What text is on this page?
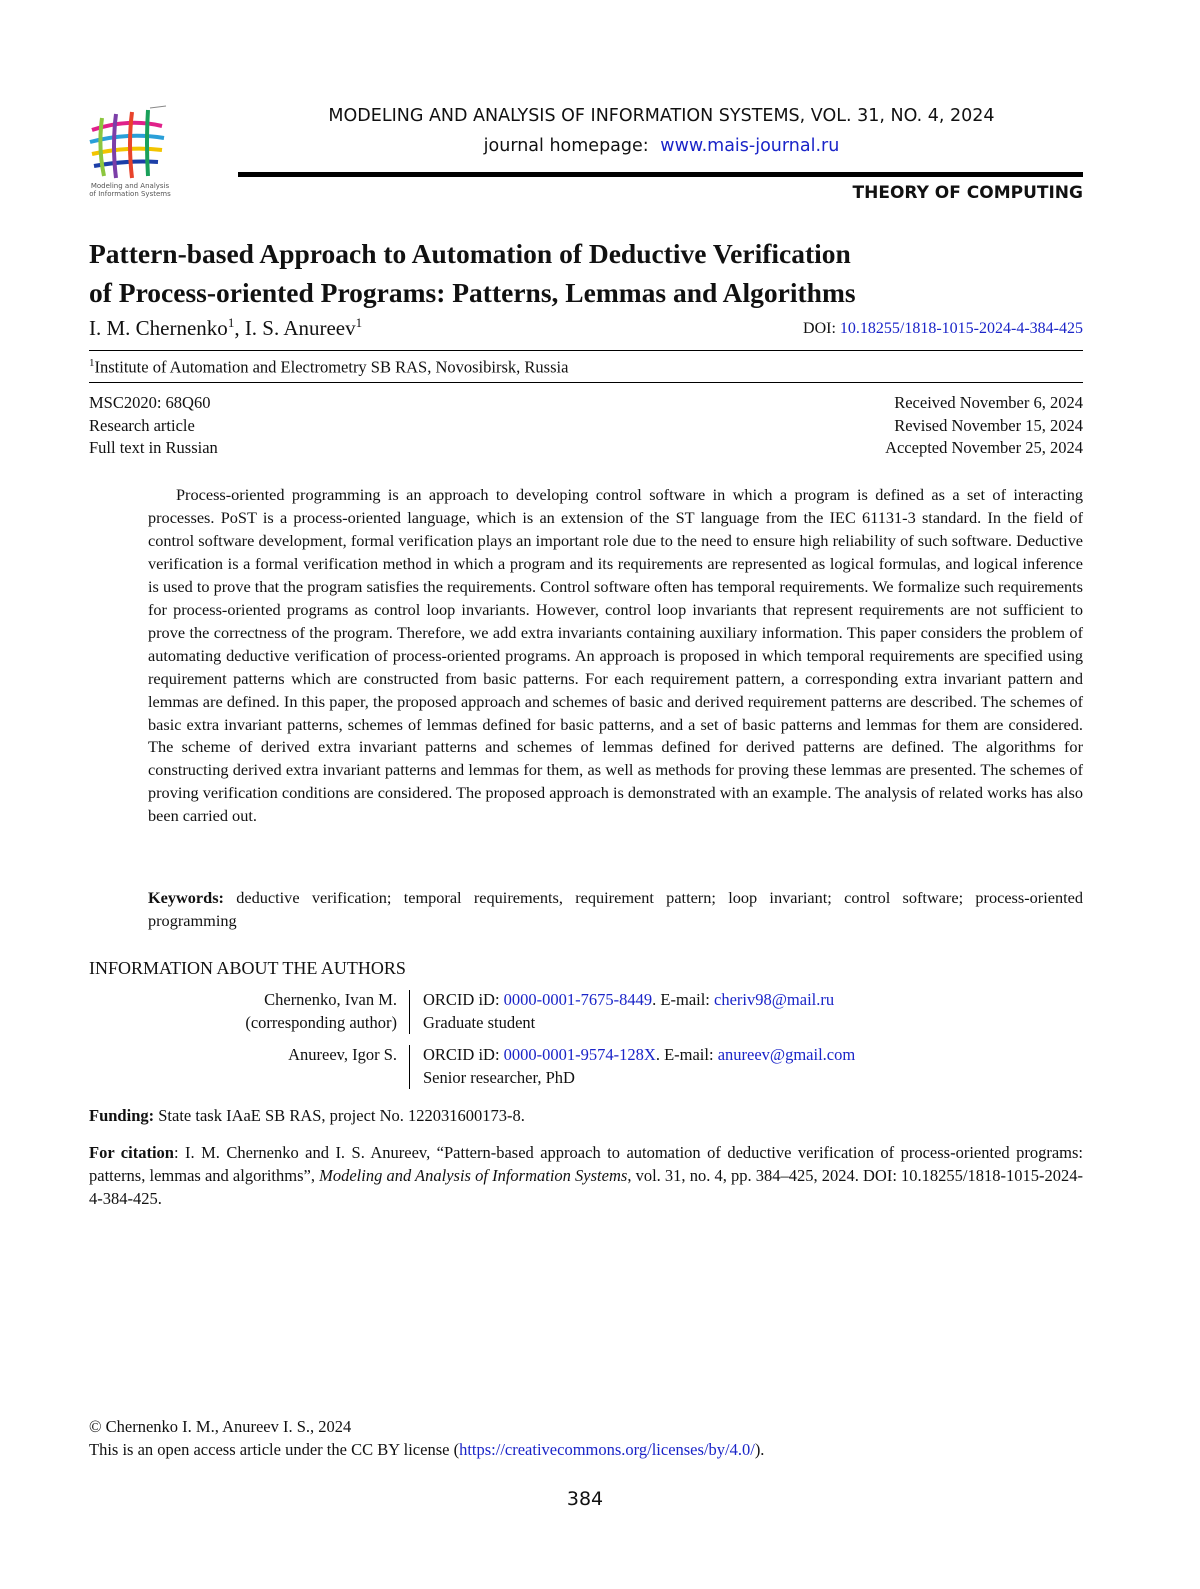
Modeling and Analysis of Information Systems
MODELING AND ANALYSIS OF INFORMATION SYSTEMS, VOL. 31, NO. 4, 2024
journal homepage: www.mais-journal.ru
THEORY OF COMPUTING
Pattern-based Approach to Automation of Deductive Verification
of Process-oriented Programs: Patterns, Lemmas and Algorithms
I. M. Chernenko$^1$, I. S. Anureev$^1$	DOI: 10.18255/1818-1015-2024-4-384-425
$^1$Institute of Automation and Electrometry SB RAS, Novosibirsk, Russia
MSC2020: 68Q60
Research article
Full text in Russian
Received November 6, 2024
Revised November 15, 2024
Accepted November 25, 2024

Process-oriented programming is an approach to developing control software in which a program is defined as a set of interacting processes. PoST is a process-oriented language, which is an extension of the ST language from the IEC 61131-3 standard. In the field of control software development, formal verification plays an important role due to the need to ensure high reliability of such software. Deductive verification is a formal verification method in which a program and its requirements are represented as logical formulas, and logical inference is used to prove that the program satisfies the requirements. Control software often has temporal requirements. We formalize such requirements for process-oriented programs as control loop invariants. However, control loop invariants that represent requirements are not sufficient to prove the correctness of the program. Therefore, we add extra invariants containing auxiliary information. This paper considers the problem of automating deductive verification of process-oriented programs. An approach is proposed in which temporal requirements are specified using requirement patterns which are constructed from basic patterns. For each requirement pattern, a corresponding extra invariant pattern and lemmas are defined. In this paper, the proposed approach and schemes of basic and derived requirement patterns are described. The schemes of basic extra invariant patterns, schemes of lemmas defined for basic patterns, and a set of basic patterns and lemmas for them are considered. The scheme of derived extra invariant patterns and schemes of lemmas defined for derived patterns are defined. The algorithms for constructing derived extra invariant patterns and lemmas for them, as well as methods for proving these lemmas are presented. The schemes of proving verification conditions are considered. The proposed approach is demonstrated with an example. The analysis of related works has also been carried out.

Keywords: deductive verification; temporal requirements, requirement pattern; loop invariant; control software; process-oriented programming

INFORMATION ABOUT THE AUTHORS
Chernenko, Ivan M.
(corresponding author)
ORCID iD: 0000-0001-7675-8449. E-mail: cheriv98@mail.ru
Graduate student
Anureev, Igor S. ORCID iD: 0000-0001-9574-128X. E-mail: anureev@gmail.com
Senior researcher, PhD
Funding: State task IAaE SB RAS, project No. 122031600173-8.

For citation: I. M. Chernenko and I. S. Anureev, “Pattern-based approach to automation of deductive verification of process-oriented programs: patterns, lemmas and algorithms”, Modeling and Analysis of Information Systems, vol. 31, no. 4, pp. 384–425, 2024. DOI: 10.18255/1818-1015-2024-4-384-425.

© Chernenko I. M., Anureev I. S., 2024
This is an open access article under the CC BY license (https://creativecommons.org/licenses/by/4.0/).
384
